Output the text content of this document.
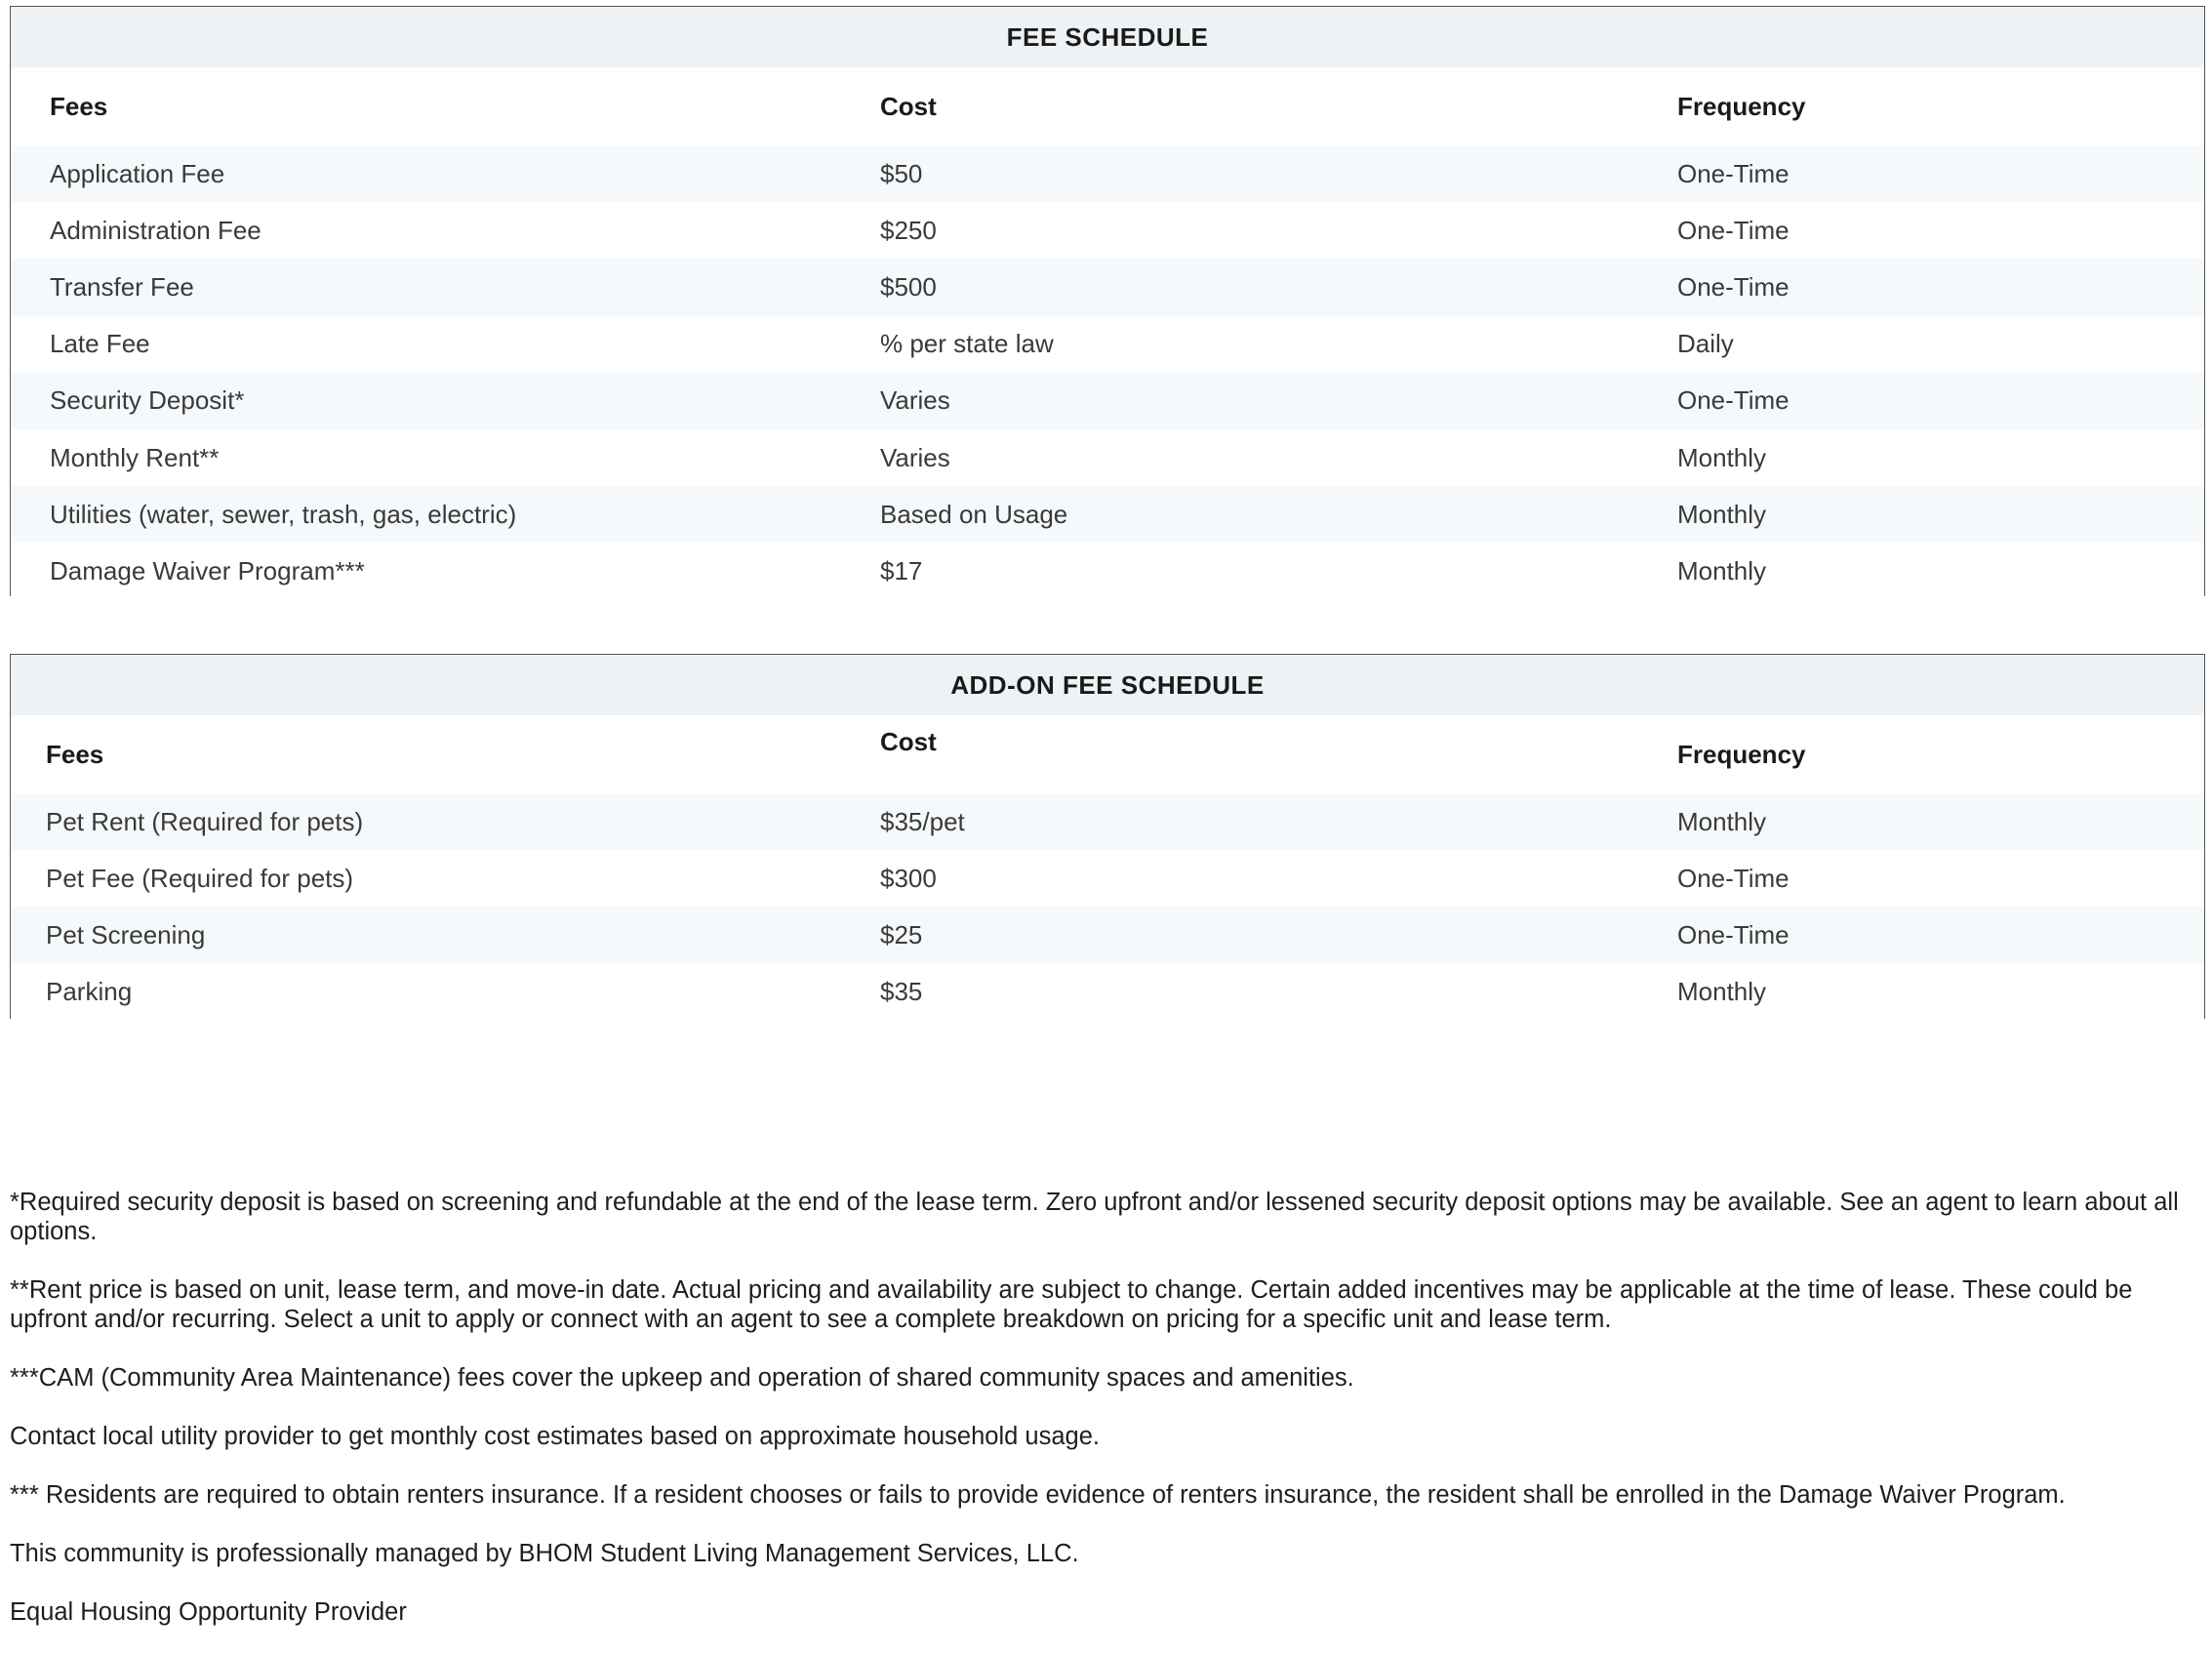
FEE SCHEDULE
Fees	Cost	Frequency
Application Fee	$50	One-Time
Administration Fee	$250	One-Time
Transfer Fee	$500	One-Time
Late Fee	% per state law	Daily
Security Deposit*	Varies	One-Time
Monthly Rent**	Varies	Monthly
Utilities (water, sewer, trash, gas, electric)	Based on Usage	Monthly
Damage Waiver Program***	$17	Monthly
ADD-ON FEE SCHEDULE
Fees	Cost	Frequency
Pet Rent (Required for pets)	$35/pet	Monthly
Pet Fee (Required for pets)	$300	One-Time
Pet Screening	$25	One-Time
Parking	$35	Monthly

*Required security deposit is based on screening and refundable at the end of the lease term. Zero upfront and/or lessened security deposit options may be available. See an agent to learn about all options.

**Rent price is based on unit, lease term, and move-in date. Actual pricing and availability are subject to change. Certain added incentives may be applicable at the time of lease. These could be upfront and/or recurring. Select a unit to apply or connect with an agent to see a complete breakdown on pricing for a specific unit and lease term.

***CAM (Community Area Maintenance) fees cover the upkeep and operation of shared community spaces and amenities.

Contact local utility provider to get monthly cost estimates based on approximate household usage.

*** Residents are required to obtain renters insurance. If a resident chooses or fails to provide evidence of renters insurance, the resident shall be enrolled in the Damage Waiver Program.

This community is professionally managed by BHOM Student Living Management Services, LLC.

Equal Housing Opportunity Provider
